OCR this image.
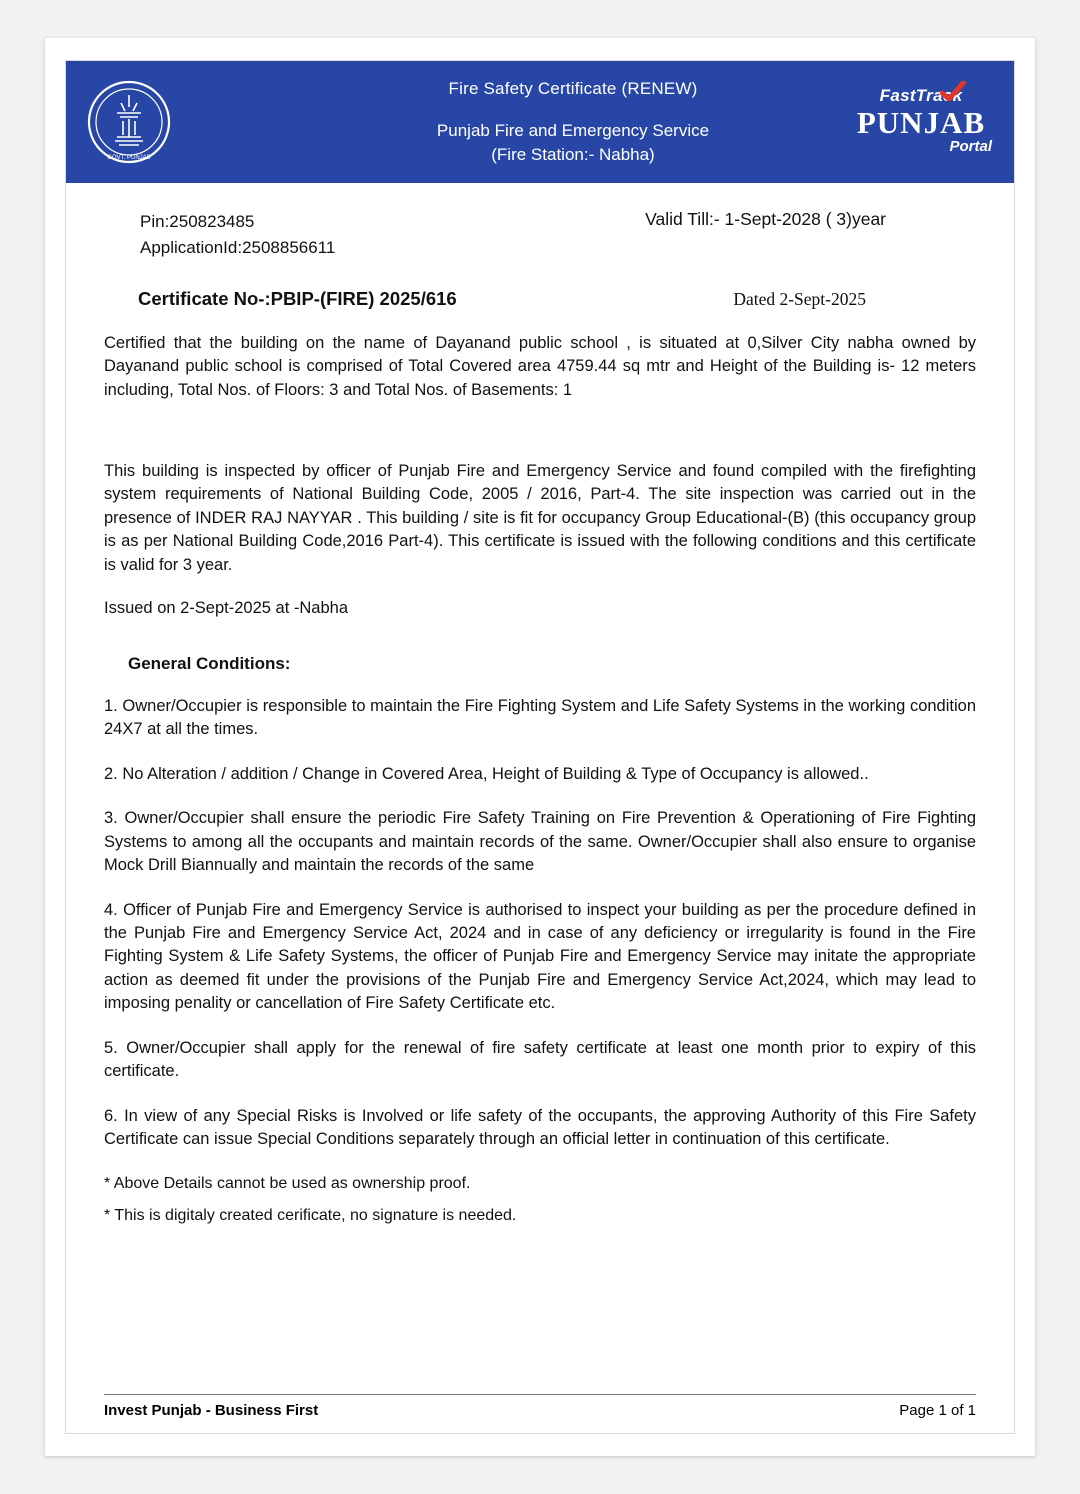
GOVT. PUNJAB
Fire Safety Certificate (RENEW)
Punjab Fire and Emergency Service
(Fire Station:- Nabha)
FastTrack
PUNJAB
Portal
Pin:250823485
ApplicationId:2508856611
Valid Till:- 1-Sept-2028 ( 3)year
Certificate No-:PBIP-(FIRE) 2025/616	Dated 2-Sept-2025
Certified that the building on the name of Dayanand public school , is situated at 0,Silver City nabha owned by Dayanand public school is comprised of Total Covered area 4759.44 sq mtr and Height of the Building is- 12 meters including, Total Nos. of Floors: 3 and Total Nos. of Basements: 1
This building is inspected by officer of Punjab Fire and Emergency Service and found compiled with the firefighting system requirements of National Building Code, 2005 / 2016, Part-4. The site inspection was carried out in the presence of INDER RAJ NAYYAR . This building / site is fit for occupancy Group Educational-(B) (this occupancy group is as per National Building Code,2016 Part-4). This certificate is issued with the following conditions and this certificate is valid for 3 year.
Issued on 2-Sept-2025 at -Nabha
General Conditions:
1. Owner/Occupier is responsible to maintain the Fire Fighting System and Life Safety Systems in the working condition 24X7 at all the times.
2. No Alteration / addition / Change in Covered Area, Height of Building & Type of Occupancy is allowed..
3. Owner/Occupier shall ensure the periodic Fire Safety Training on Fire Prevention & Operationing of Fire Fighting Systems to among all the occupants and maintain records of the same. Owner/Occupier shall also ensure to organise Mock Drill Biannually and maintain the records of the same
4. Officer of Punjab Fire and Emergency Service is authorised to inspect your building as per the procedure defined in the Punjab Fire and Emergency Service Act, 2024 and in case of any deficiency or irregularity is found in the Fire Fighting System & Life Safety Systems, the officer of Punjab Fire and Emergency Service may initate the appropriate action as deemed fit under the provisions of the Punjab Fire and Emergency Service Act,2024, which may lead to imposing penality or cancellation of Fire Safety Certificate etc.
5. Owner/Occupier shall apply for the renewal of fire safety certificate at least one month prior to expiry of this certificate.
6. In view of any Special Risks is Involved or life safety of the occupants, the approving Authority of this Fire Safety Certificate can issue Special Conditions separately through an official letter in continuation of this certificate.
* Above Details cannot be used as ownership proof.
* This is digitaly created cerificate, no signature is needed.
Invest Punjab - Business First	Page 1 of 1
